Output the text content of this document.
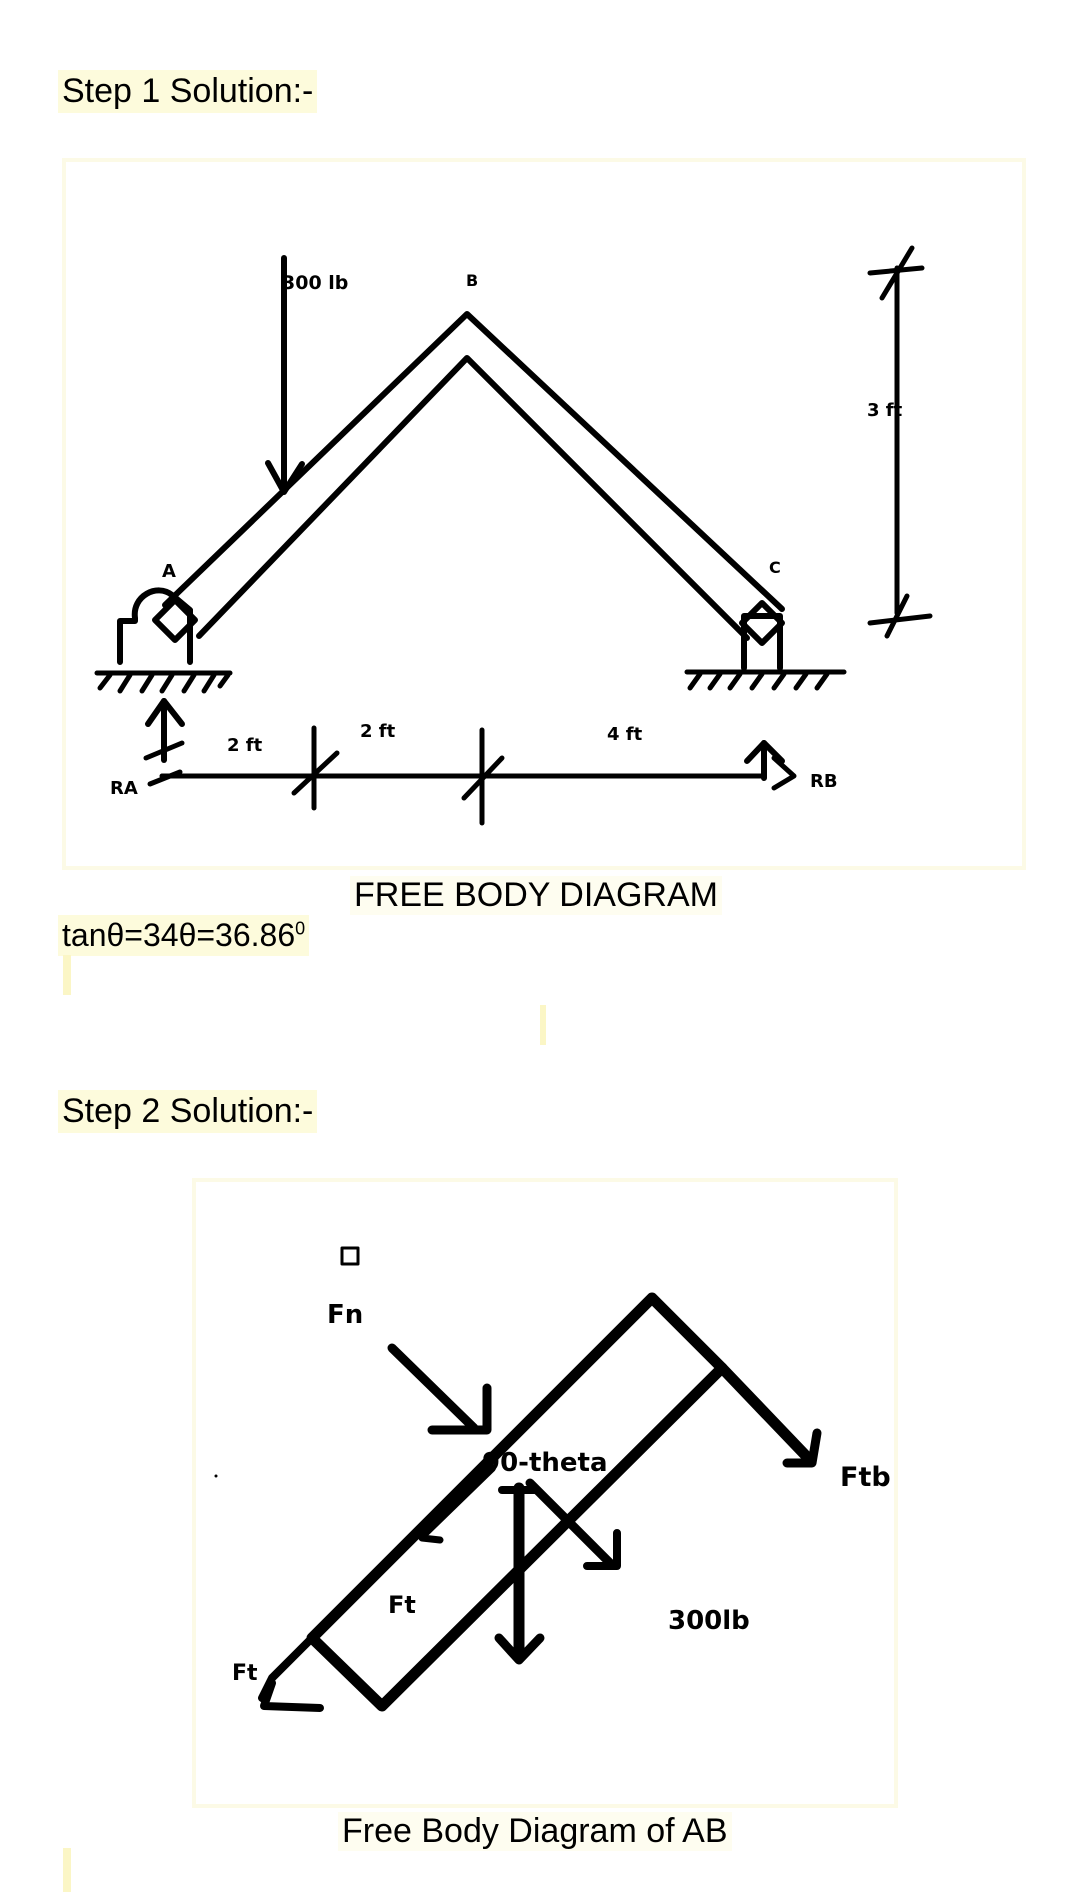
Step 1 Solution:-
300 lb	B
A	C
3 ft
2 ft
2 ft	4 ft
RA	RB
FREE BODY DIAGRAM
$\tan\theta=34\theta=36.86^0$
Step 2 Solution:-
Fn
90-theta
Ft
Ft
Ftb
300lb
Free Body Diagram of AB
